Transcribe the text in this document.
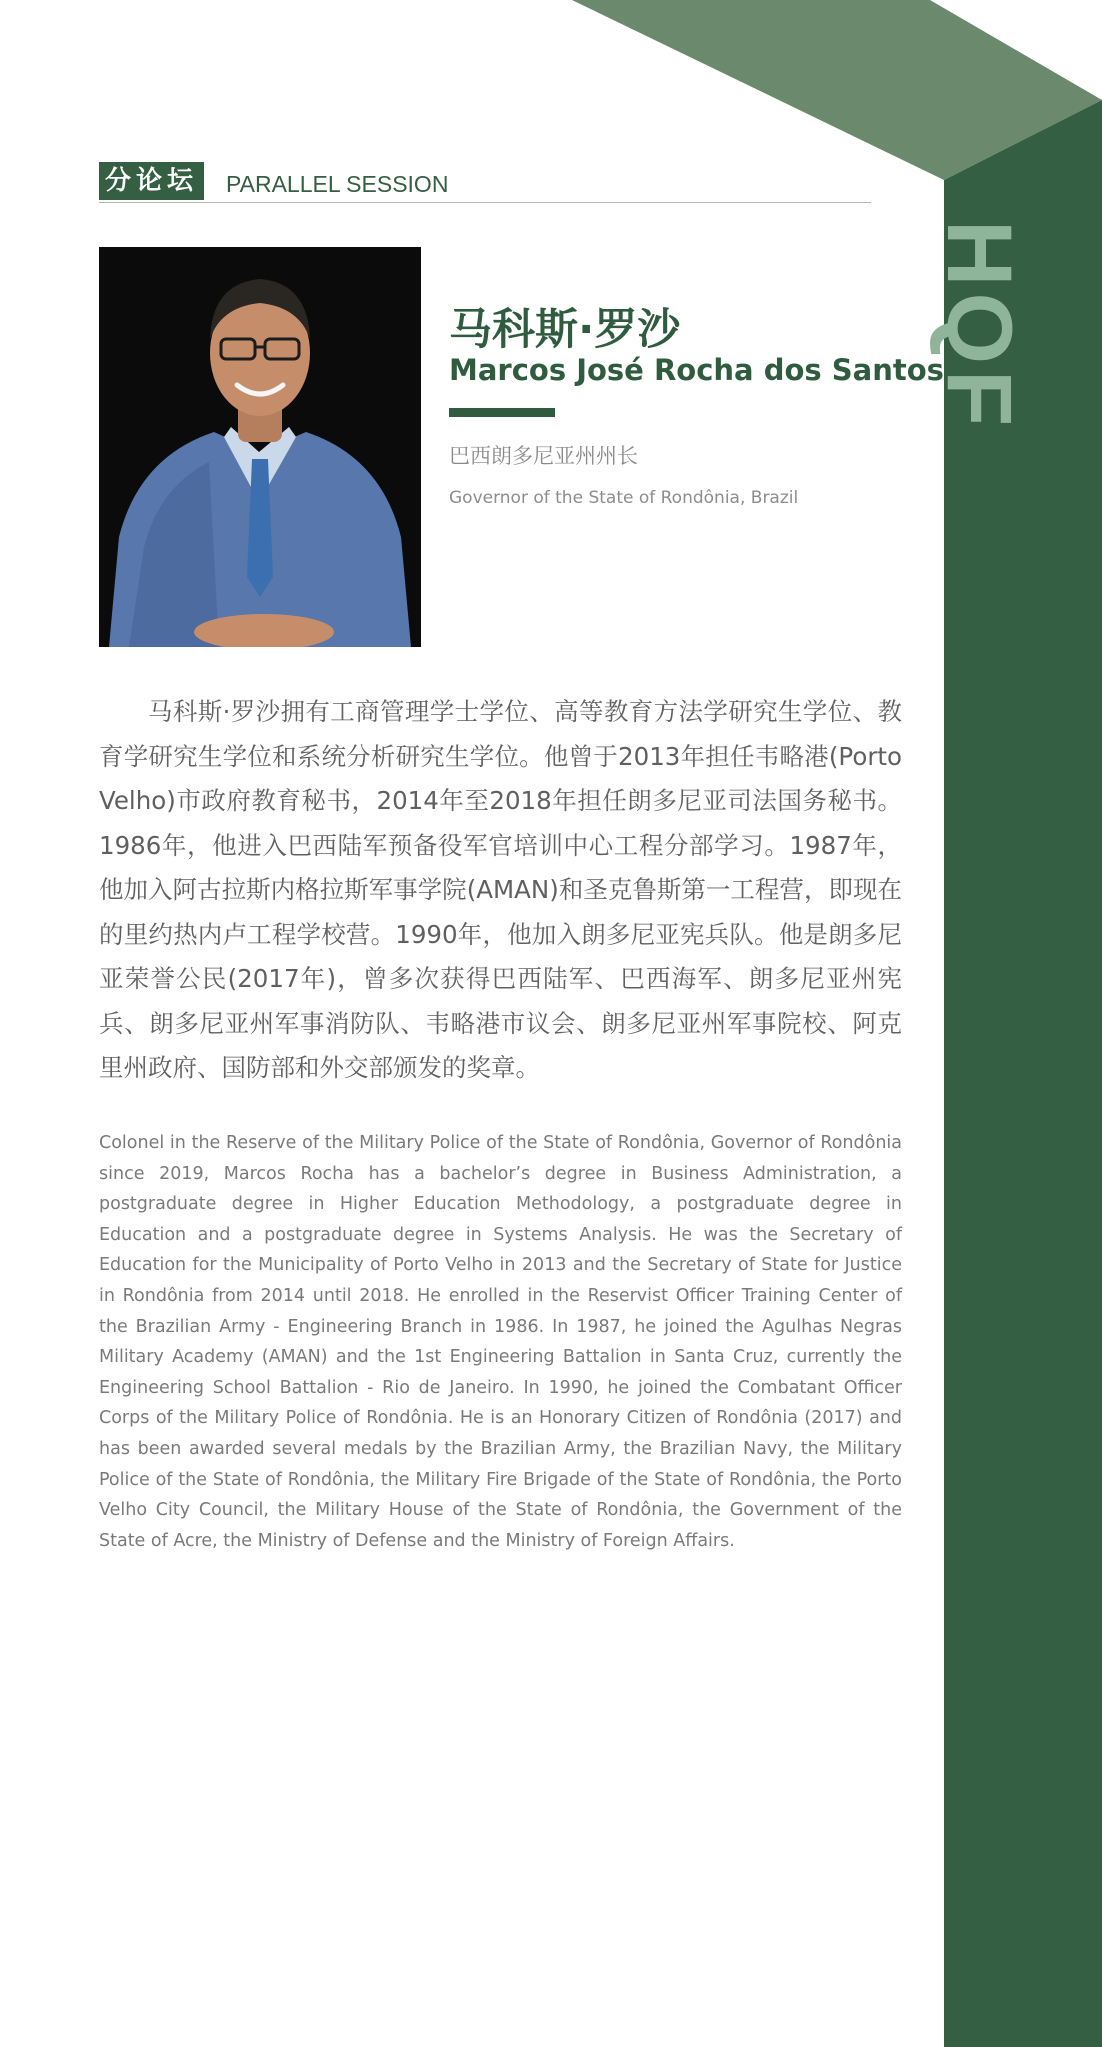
HQF
分论坛 PARALLEL SESSION
马科斯·罗沙
Marcos José Rocha dos Santos
巴西朗多尼亚州州长
Governor of the State of Rondônia, Brazil

马科斯·罗沙拥有工商管理学士学位、高等教育方法学研究生学位、教育学研究生学位和系统分析研究生学位。他曾于2013年担任韦略港(Porto Velho)市政府教育秘书，2014年至2018年担任朗多尼亚司法国务秘书。1986年，他进入巴西陆军预备役军官培训中心工程分部学习。1987年，他加入阿古拉斯内格拉斯军事学院(AMAN)和圣克鲁斯第一工程营，即现在的里约热内卢工程学校营。1990年，他加入朗多尼亚宪兵队。他是朗多尼亚荣誉公民(2017年)，曾多次获得巴西陆军、巴西海军、朗多尼亚州宪兵、朗多尼亚州军事消防队、韦略港市议会、朗多尼亚州军事院校、阿克里州政府、国防部和外交部颁发的奖章。

Colonel in the Reserve of the Military Police of the State of Rondônia, Governor of Rondônia since 2019, Marcos Rocha has a bachelor’s degree in Business Administration, a postgraduate degree in Higher Education Methodology, a postgraduate degree in Education and a postgraduate degree in Systems Analysis. He was the Secretary of Education for the Municipality of Porto Velho in 2013 and the Secretary of State for Justice in Rondônia from 2014 until 2018. He enrolled in the Reservist Officer Training Center of the Brazilian Army - Engineering Branch in 1986. In 1987, he joined the Agulhas Negras Military Academy (AMAN) and the 1st Engineering Battalion in Santa Cruz, currently the Engineering School Battalion - Rio de Janeiro. In 1990, he joined the Combatant Officer Corps of the Military Police of Rondônia. He is an Honorary Citizen of Rondônia (2017) and has been awarded several medals by the Brazilian Army, the Brazilian Navy, the Military Police of the State of Rondônia, the Military Fire Brigade of the State of Rondônia, the Porto Velho City Council, the Military House of the State of Rondônia, the Government of the State of Acre, the Ministry of Defense and the Ministry of Foreign Affairs.
